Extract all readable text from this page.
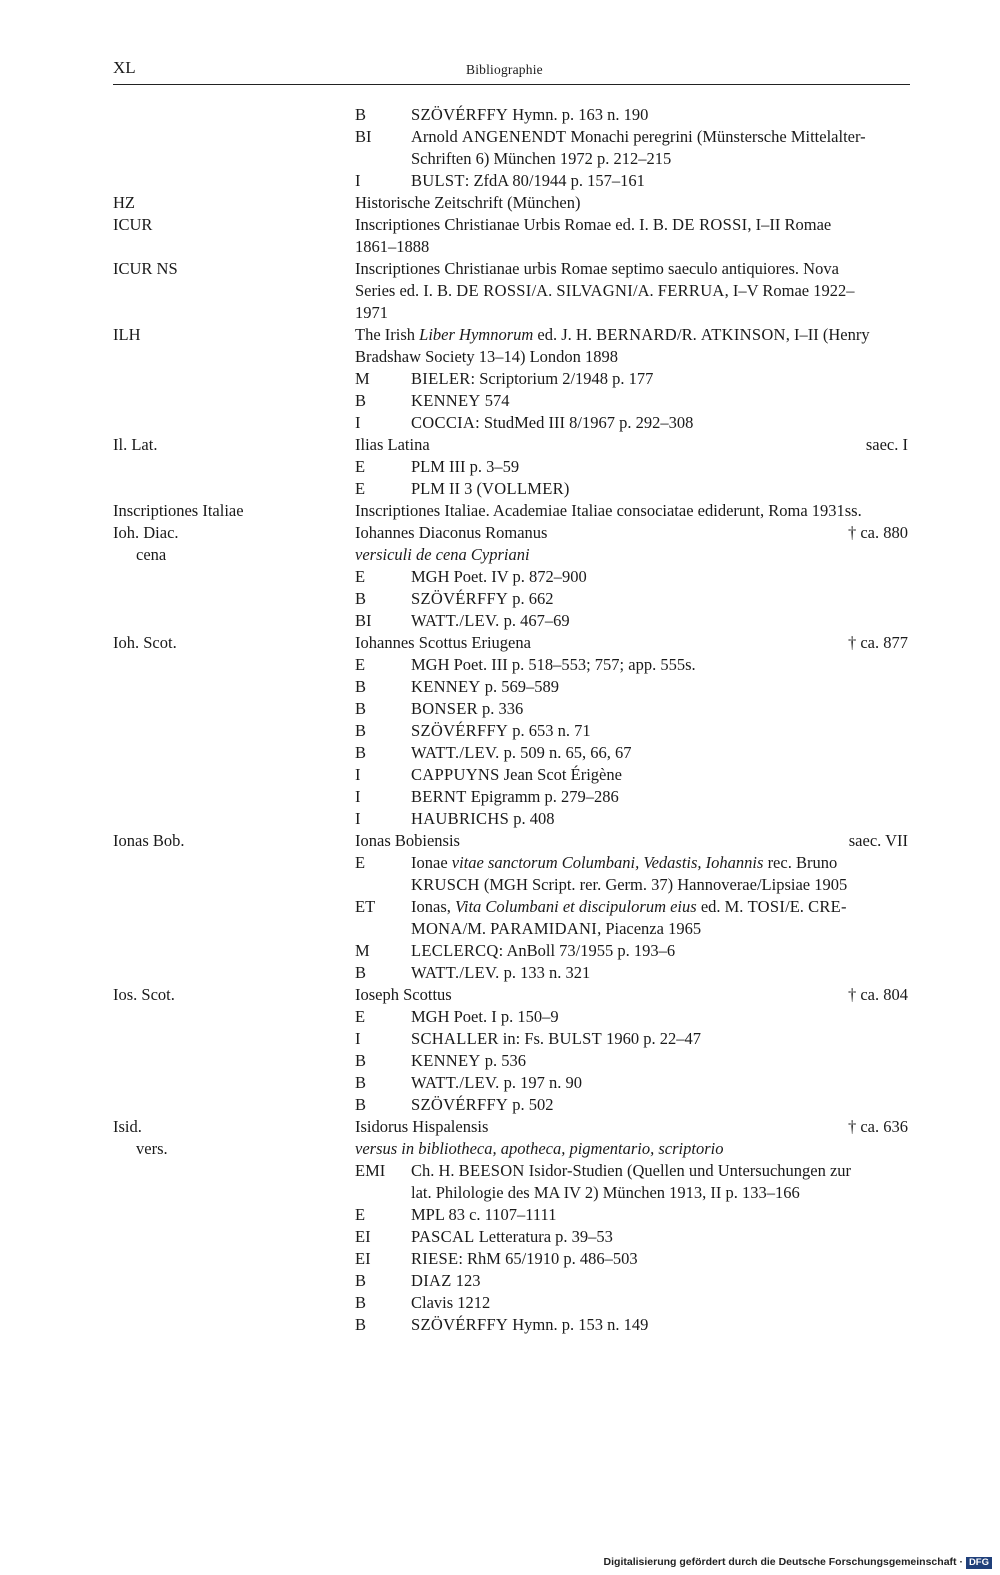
XL	Bibliographie
B	SZÖVÉRFFY Hymn. p. 163 n. 190
BI Arnold ANGENENDT Monachi peregrini (Münstersche Mittelalter-
Schriften 6) München 1972 p. 212–215
I	BULST: ZfdA 80/1944 p. 157–161
HZ	Historische Zeitschrift (München)
ICUR	Inscriptiones Christianae Urbis Romae ed. I. B. DE ROSSI, I–II Romae
1861–1888
ICUR NS	Inscriptiones Christianae urbis Romae septimo saeculo antiquiores. Nova
Series ed. I. B. DE ROSSI/A. SILVAGNI/A. FERRUA, I–V Romae 1922–
1971
ILH	The Irish Liber Hymnorum ed. J. H. BERNARD/R. ATKINSON, I–II (Henry
Bradshaw Society 13–14) London 1898
M	BIELER: Scriptorium 2/1948 p. 177
B	KENNEY 574
I	COCCIA: StudMed III 8/1967 p. 292–308
Il. Lat.	Ilias Latina	saec. I
E	PLM III p. 3–59
E	PLM II 3 (VOLLMER)
Inscriptiones Italiae	Inscriptiones Italiae. Academiae Italiae consociatae ediderunt, Roma 1931ss.
Ioh. Diac.	Iohannes Diaconus Romanus	† ca. 880
cena	versiculi de cena Cypriani
E	MGH Poet. IV p. 872–900
B	SZÖVÉRFFY p. 662
BI WATT./LEV. p. 467–69
Ioh. Scot.	Iohannes Scottus Eriugena	† ca. 877
E	MGH Poet. III p. 518–553; 757; app. 555s.
B	KENNEY p. 569–589
B	BONSER p. 336
B	SZÖVÉRFFY p. 653 n. 71
B	WATT./LEV. p. 509 n. 65, 66, 67
I	CAPPUYNS Jean Scot Érigène
I	BERNT Epigramm p. 279–286
I	HAUBRICHS p. 408
Ionas Bob.	Ionas Bobiensis	saec. VII
E	Ionae vitae sanctorum Columbani, Vedastis, Iohannis rec. Bruno
KRUSCH (MGH Script. rer. Germ. 37) Hannoverae/Lipsiae 1905
ET Ionas, Vita Columbani et discipulorum eius ed. M. TOSI/E. CRE-
MONA/M. PARAMIDANI, Piacenza 1965
M	LECLERCQ: AnBoll 73/1955 p. 193–6
B	WATT./LEV. p. 133 n. 321
Ios. Scot.	Ioseph Scottus	† ca. 804
E	MGH Poet. I p. 150–9
I	SCHALLER in: Fs. BULST 1960 p. 22–47
B	KENNEY p. 536
B	WATT./LEV. p. 197 n. 90
B	SZÖVÉRFFY p. 502
Isid.	Isidorus Hispalensis	† ca. 636
vers.	versus in bibliotheca, apotheca, pigmentario, scriptorio
EMI Ch. H. BEESON Isidor-Studien (Quellen und Untersuchungen zur
lat. Philologie des MA IV 2) München 1913, II p. 133–166
E	MPL 83 c. 1107–1111
EI PASCAL Letteratura p. 39–53
EI RIESE: RhM 65/1910 p. 486–503
B	DIAZ 123
B	Clavis 1212
B	SZÖVÉRFFY Hymn. p. 153 n. 149
Digitalisierung gefördert durch die Deutsche Forschungsgemeinschaft · DFG
